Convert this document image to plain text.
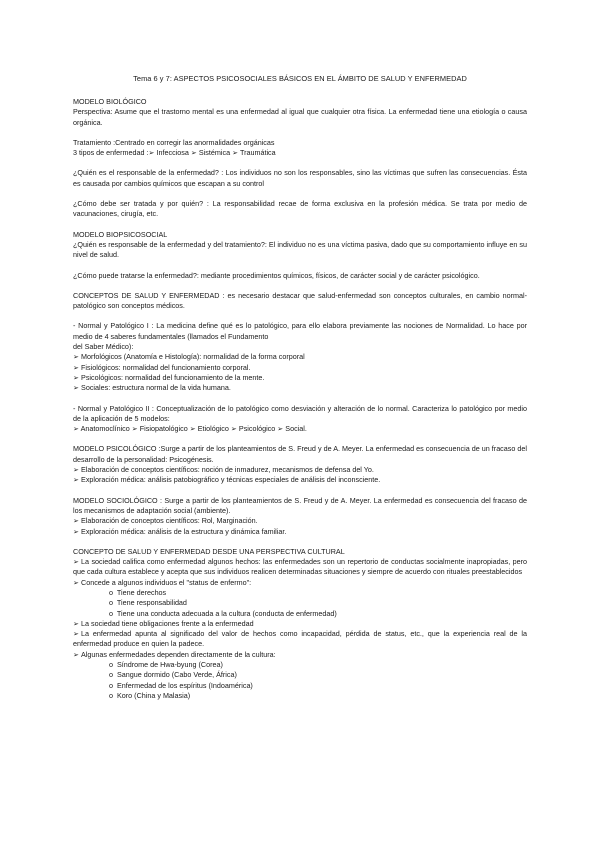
Tema 6 y 7: ASPECTOS PSICOSOCIALES BÁSICOS EN EL ÁMBITO DE SALUD Y ENFERMEDAD

MODELO BIOLÓGICO

Perspectiva: Asume que el trastorno mental es una enfermedad al igual que cualquier otra física. La enfermedad tiene una etiología o causa orgánica.

Tratamiento :Centrado en corregir las anormalidades orgánicas

3 tipos de enfermedad :➢ Infecciosa ➢ Sistémica ➢ Traumática

¿Quién es el responsable de la enfermedad? : Los individuos no son los responsables, sino las víctimas que sufren las consecuencias. Ésta es causada por cambios químicos que escapan a su control

¿Cómo debe ser tratada y por quién? : La responsabilidad recae de forma exclusiva en la profesión médica. Se trata por medio de vacunaciones, cirugía, etc.

MODELO BIOPSICOSOCIAL

¿Quién es responsable de la enfermedad y del tratamiento?: El individuo no es una víctima pasiva, dado que su comportamiento influye en su nivel de salud.

¿Cómo puede tratarse la enfermedad?: mediante procedimientos químicos, físicos, de carácter social y de carácter psicológico.

CONCEPTOS DE SALUD Y ENFERMEDAD : es necesario destacar que salud-enfermedad son conceptos culturales, en cambio normal-patológico son conceptos médicos.

- Normal y Patológico I : La medicina define qué es lo patológico, para ello elabora previamente las nociones de Normalidad. Lo hace por medio de 4 saberes fundamentales (llamados el Fundamento

del Saber Médico):

➢ Morfológicos (Anatomía e Histología): normalidad de la forma corporal

➢ Fisiológicos: normalidad del funcionamiento corporal.

➢ Psicológicos: normalidad del funcionamiento de la mente.

➢ Sociales: estructura normal de la vida humana.

- Normal y Patológico II : Conceptualización de lo patológico como desviación y alteración de lo normal. Caracteriza lo patológico por medio de la aplicación de 5 modelos:

➢ Anatomoclínico ➢ Fisiopatológico ➢ Etiológico ➢ Psicológico ➢ Social.

MODELO PSICOLÓGICO :Surge a partir de los planteamientos de S. Freud y de A. Meyer. La enfermedad es consecuencia de un fracaso del desarrollo de la personalidad: Psicogénesis.

➢ Elaboración de conceptos científicos: noción de inmadurez, mecanismos de defensa del Yo.

➢ Exploración médica: análisis patobiográfico y técnicas especiales de análisis del inconsciente.

MODELO SOCIOLÓGICO : Surge a partir de los planteamientos de S. Freud y de A. Meyer. La enfermedad es consecuencia del fracaso de los mecanismos de adaptación social (ambiente).

➢ Elaboración de conceptos científicos: Rol, Marginación.

➢ Exploración médica: análisis de la estructura y dinámica familiar.

CONCEPTO DE SALUD Y ENFERMEDAD DESDE UNA PERSPECTIVA CULTURAL

➢ La sociedad califica como enfermedad algunos hechos: las enfermedades son un repertorio de conductas socialmente inapropiadas, pero que cada cultura establece y acepta que sus individuos realicen determinadas situaciones y siempre de acuerdo con rituales preestablecidos

➢ Concede a algunos individuos el "status de enfermo":

o Tiene derechos

o Tiene responsabilidad

o Tiene una conducta adecuada a la cultura (conducta de enfermedad)

➢ La sociedad tiene obligaciones frente a la enfermedad

➢ La enfermedad apunta al significado del valor de hechos como incapacidad, pérdida de status, etc., que la experiencia real de la enfermedad produce en quien la padece.

➢ Algunas enfermedades dependen directamente de la cultura:

o Síndrome de Hwa-byung (Corea)

o Sangue dormido (Cabo Verde, África)

o Enfermedad de los espíritus (Indoamérica)

o Koro (China y Malasia)
